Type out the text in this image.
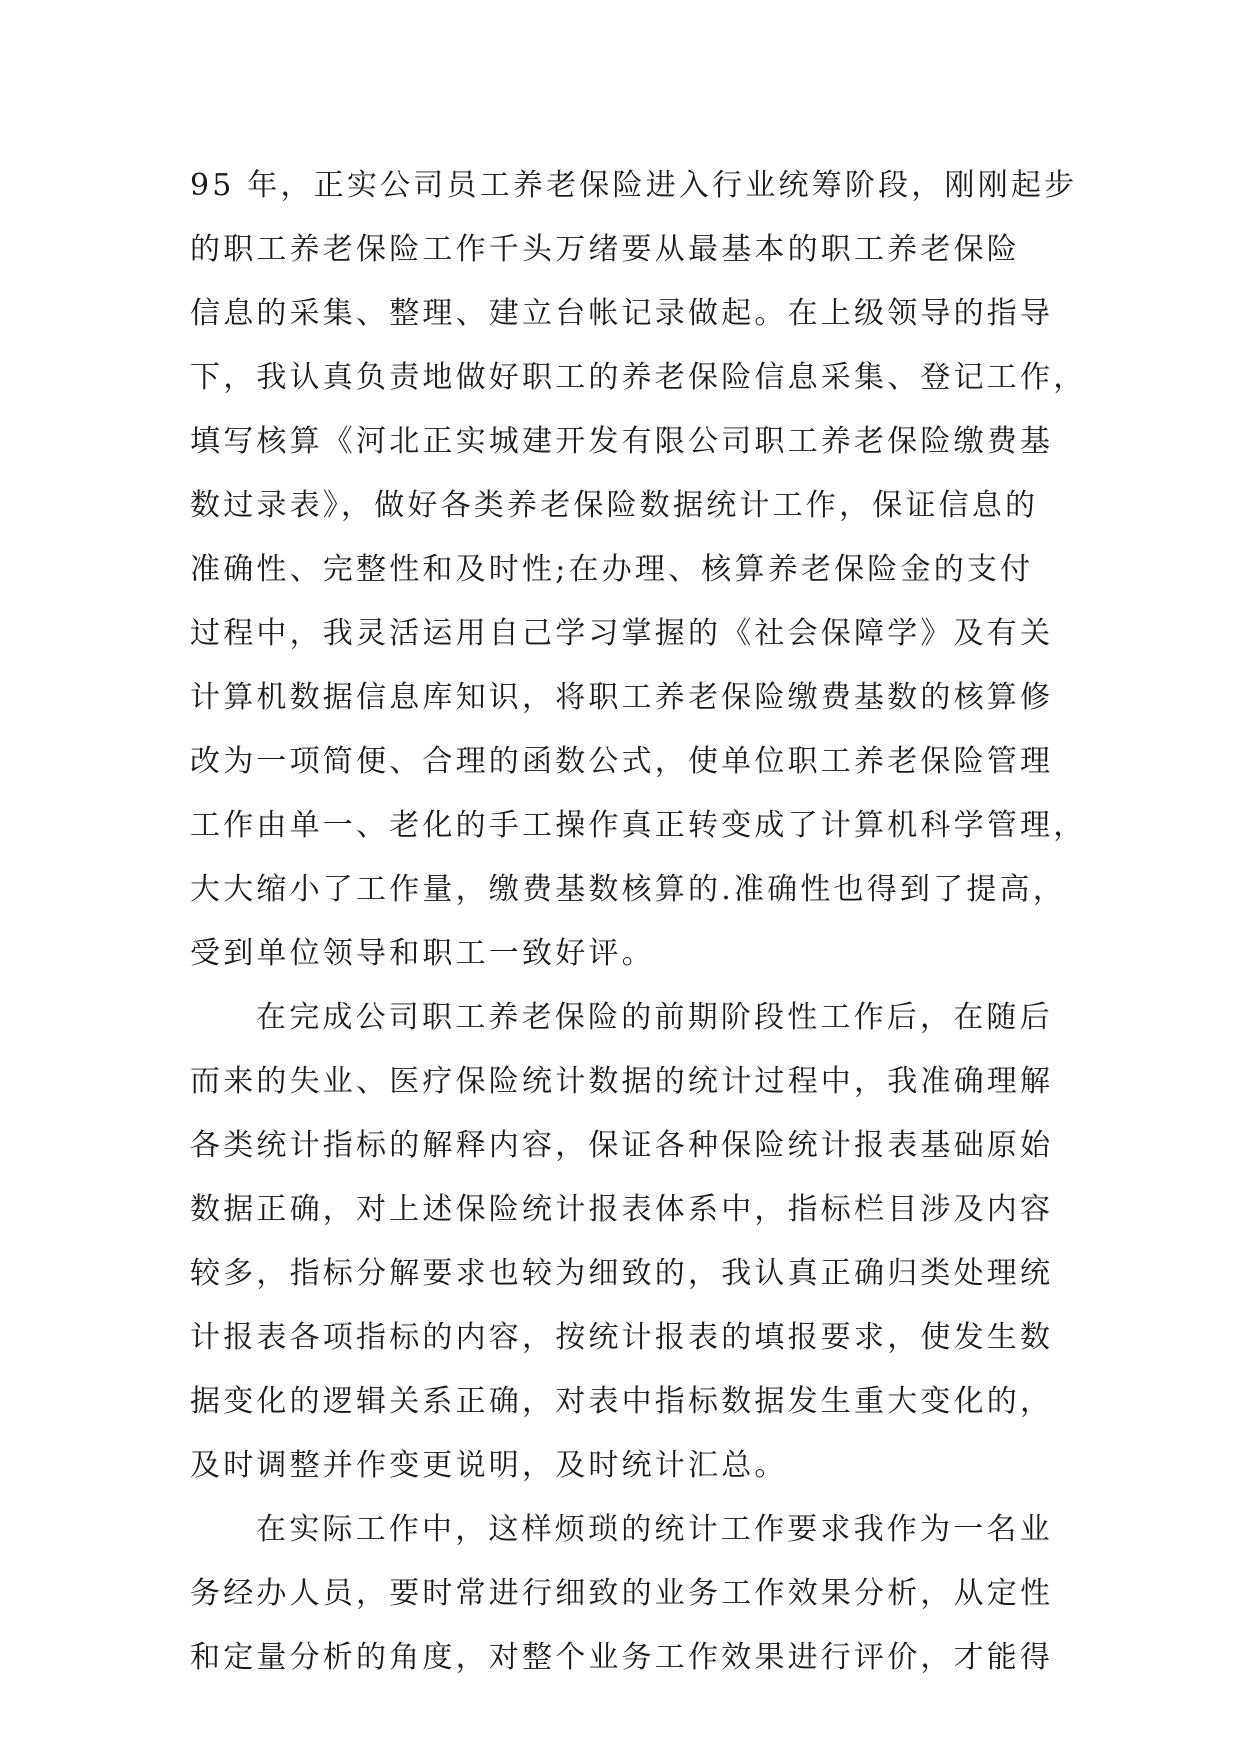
95 年，正实公司员工养老保险进入行业统筹阶段，刚刚起步
的职工养老保险工作千头万绪要从最基本的职工养老保险
信息的采集、整理、建立台帐记录做起。在上级领导的指导
下，我认真负责地做好职工的养老保险信息采集、登记工作，
填写核算《河北正实城建开发有限公司职工养老保险缴费基
数过录表》，做好各类养老保险数据统计工作，保证信息的
准确性、完整性和及时性;在办理、核算养老保险金的支付
过程中，我灵活运用自己学习掌握的《社会保障学》及有关
计算机数据信息库知识，将职工养老保险缴费基数的核算修
改为一项简便、合理的函数公式，使单位职工养老保险管理
工作由单一、老化的手工操作真正转变成了计算机科学管理，
大大缩小了工作量，缴费基数核算的.准确性也得到了提高，
受到单位领导和职工一致好评。
在完成公司职工养老保险的前期阶段性工作后，在随后
而来的失业、医疗保险统计数据的统计过程中，我准确理解
各类统计指标的解释内容，保证各种保险统计报表基础原始
数据正确，对上述保险统计报表体系中，指标栏目涉及内容
较多，指标分解要求也较为细致的，我认真正确归类处理统
计报表各项指标的内容，按统计报表的填报要求，使发生数
据变化的逻辑关系正确，对表中指标数据发生重大变化的，
及时调整并作变更说明，及时统计汇总。
在实际工作中，这样烦琐的统计工作要求我作为一名业
务经办人员，要时常进行细致的业务工作效果分析，从定性
和定量分析的角度，对整个业务工作效果进行评价，才能得
